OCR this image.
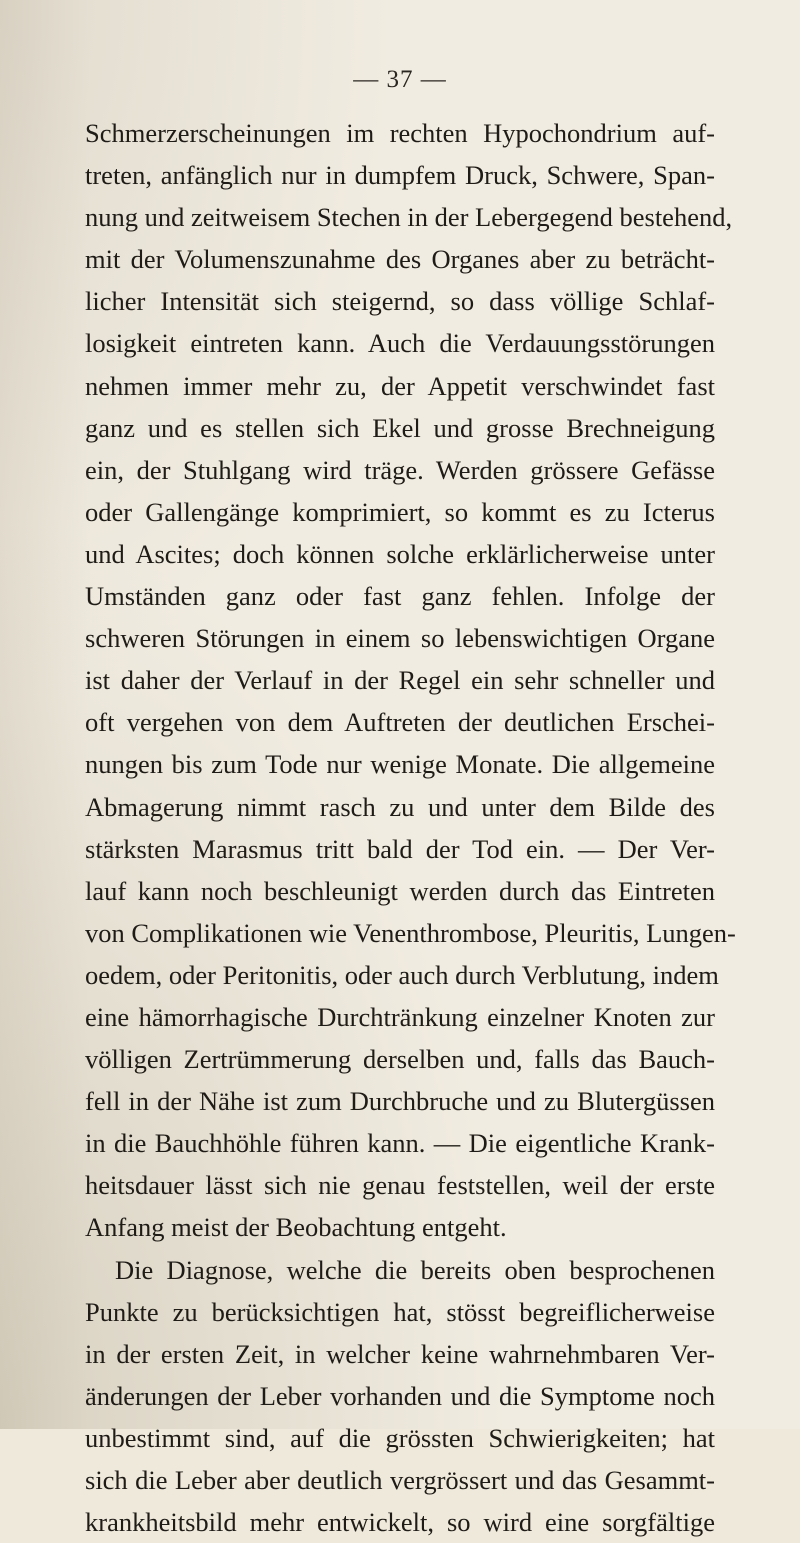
— 37 —
Schmerzerscheinungen im rechten Hypochondrium auf-
treten, anfänglich nur in dumpfem Druck, Schwere, Span-
nung und zeitweisem Stechen in der Lebergegend bestehend,
mit der Volumenszunahme des Organes aber zu beträcht-
licher Intensität sich steigernd, so dass völlige Schlaf-
losigkeit eintreten kann. Auch die Verdauungsstörungen
nehmen immer mehr zu, der Appetit verschwindet fast
ganz und es stellen sich Ekel und grosse Brechneigung
ein, der Stuhlgang wird träge. Werden grössere Gefässe
oder Gallengänge komprimiert, so kommt es zu Icterus
und Ascites; doch können solche erklärlicherweise unter
Umständen ganz oder fast ganz fehlen. Infolge der
schweren Störungen in einem so lebenswichtigen Organe
ist daher der Verlauf in der Regel ein sehr schneller und
oft vergehen von dem Auftreten der deutlichen Erschei-
nungen bis zum Tode nur wenige Monate. Die allgemeine
Abmagerung nimmt rasch zu und unter dem Bilde des
stärksten Marasmus tritt bald der Tod ein. — Der Ver-
lauf kann noch beschleunigt werden durch das Eintreten
von Complikationen wie Venenthrombose, Pleuritis, Lungen-
oedem, oder Peritonitis, oder auch durch Verblutung, indem
eine hämorrhagische Durchtränkung einzelner Knoten zur
völligen Zertrümmerung derselben und, falls das Bauch-
fell in der Nähe ist zum Durchbruche und zu Blutergüssen
in die Bauchhöhle führen kann. — Die eigentliche Krank-
heitsdauer lässt sich nie genau feststellen, weil der erste
Anfang meist der Beobachtung entgeht.
Die Diagnose, welche die bereits oben besprochenen
Punkte zu berücksichtigen hat, stösst begreiflicherweise
in der ersten Zeit, in welcher keine wahrnehmbaren Ver-
änderungen der Leber vorhanden und die Symptome noch
unbestimmt sind, auf die grössten Schwierigkeiten; hat
sich die Leber aber deutlich vergrössert und das Gesammt-
krankheitsbild mehr entwickelt, so wird eine sorgfältige
